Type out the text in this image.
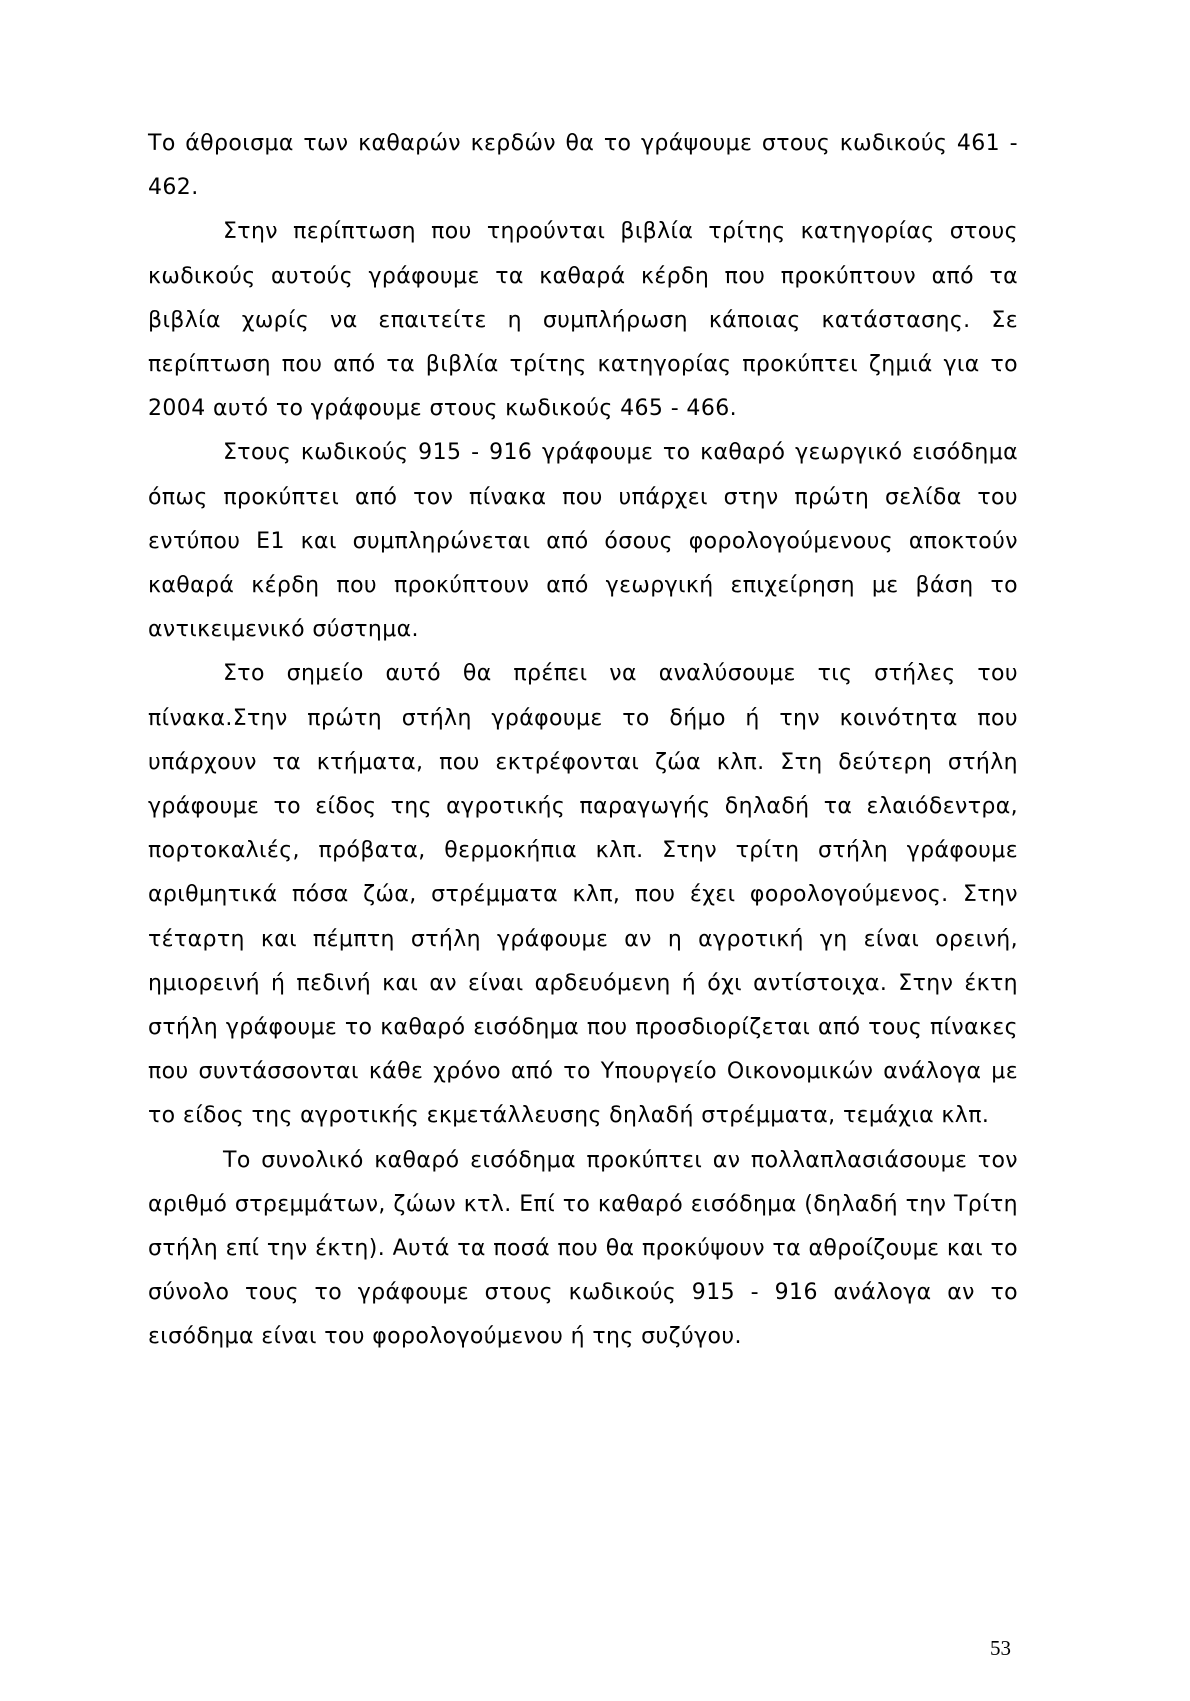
Το άθροισμα των καθαρών κερδών θα το γράψουμε στους κωδικούς 461 - 462.

Στην περίπτωση που τηρούνται βιβλία τρίτης κατηγορίας στους κωδικούς αυτούς γράφουμε τα καθαρά κέρδη που προκύπτουν από τα βιβλία χωρίς να επαιτείτε η συμπλήρωση κάποιας κατάστασης. Σε περίπτωση που από τα βιβλία τρίτης κατηγορίας προκύπτει ζημιά για το 2004 αυτό το γράφουμε στους κωδικούς 465 - 466.

Στους κωδικούς 915 - 916 γράφουμε το καθαρό γεωργικό εισόδημα όπως προκύπτει από τον πίνακα που υπάρχει στην πρώτη σελίδα του εντύπου Ε1 και συμπληρώνεται από όσους φορολογούμενους αποκτούν καθαρά κέρδη που προκύπτουν από γεωργική επιχείρηση με βάση το αντικειμενικό σύστημα.

Στο σημείο αυτό θα πρέπει να αναλύσουμε τις στήλες του πίνακα.Στην πρώτη στήλη γράφουμε το δήμο ή την κοινότητα που υπάρχουν τα κτήματα, που εκτρέφονται ζώα κλπ. Στη δεύτερη στήλη γράφουμε το είδος της αγροτικής παραγωγής δηλαδή τα ελαιόδεντρα, πορτοκαλιές, πρόβατα, θερμοκήπια κλπ. Στην τρίτη στήλη γράφουμε αριθμητικά πόσα ζώα, στρέμματα κλπ, που έχει φορολογούμενος. Στην τέταρτη και πέμπτη στήλη γράφουμε αν η αγροτική γη είναι ορεινή, ημιορεινή ή πεδινή και αν είναι αρδευόμενη ή όχι αντίστοιχα. Στην έκτη στήλη γράφουμε το καθαρό εισόδημα που προσδιορίζεται από τους πίνακες που συντάσσονται κάθε χρόνο από το Υπουργείο Οικονομικών ανάλογα με το είδος της αγροτικής εκμετάλλευσης δηλαδή στρέμματα, τεμάχια κλπ.

Το συνολικό καθαρό εισόδημα προκύπτει αν πολλαπλασιάσουμε τον αριθμό στρεμμάτων, ζώων κτλ. Επί το καθαρό εισόδημα (δηλαδή την Τρίτη στήλη επί την έκτη). Αυτά τα ποσά που θα προκύψουν τα αθροίζουμε και το σύνολο τους το γράφουμε στους κωδικούς 915 - 916 ανάλογα αν το εισόδημα είναι του φορολογούμενου ή της συζύγου.

53
